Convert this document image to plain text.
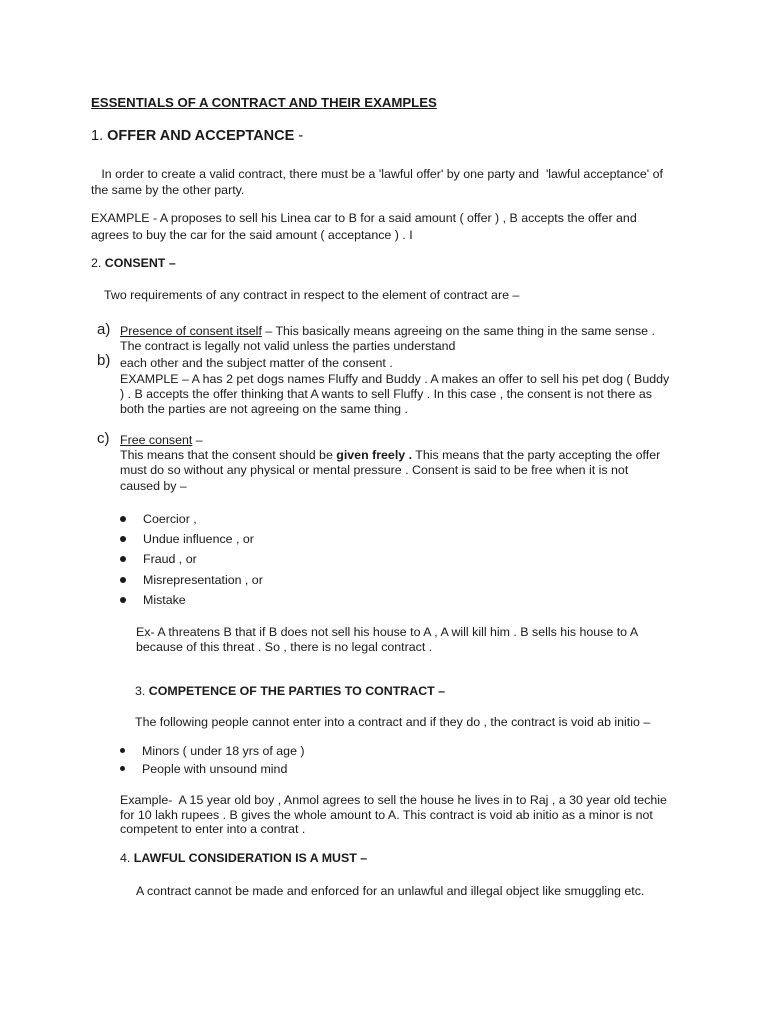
ESSENTIALS OF A CONTRACT AND THEIR EXAMPLES
1. OFFER AND ACCEPTANCE -
In order to create a valid contract, there must be a 'lawful offer' by one party and  'lawful acceptance' of
the same by the other party.
EXAMPLE - A proposes to sell his Linea car to B for a said amount ( offer ) , B accepts the offer and
agrees to buy the car for the said amount ( acceptance ) . I
2. CONSENT –
Two requirements of any contract in respect to the element of contract are –
a) Presence of consent itself – This basically means agreeing on the same thing in the same sense .
The contract is legally not valid unless the parties understand
b) each other and the subject matter of the consent .
EXAMPLE – A has 2 pet dogs names Fluffy and Buddy . A makes an offer to sell his pet dog ( Buddy
) . B accepts the offer thinking that A wants to sell Fluffy . In this case , the consent is not there as
both the parties are not agreeing on the same thing .
c) Free consent –
This means that the consent should be given freely . This means that the party accepting the offer
must do so without any physical or mental pressure . Consent is said to be free when it is not
caused by –
Coercior ,
Undue influence , or
Fraud , or
Misrepresentation , or
Mistake
Ex- A threatens B that if B does not sell his house to A , A will kill him . B sells his house to A
because of this threat . So , there is no legal contract .
3. COMPETENCE OF THE PARTIES TO CONTRACT –
The following people cannot enter into a contract and if they do , the contract is void ab initio –
Minors ( under 18 yrs of age )
People with unsound mind
Example-  A 15 year old boy , Anmol agrees to sell the house he lives in to Raj , a 30 year old techie
for 10 lakh rupees . B gives the whole amount to A. This contract is void ab initio as a minor is not
competent to enter into a contrat .
4. LAWFUL CONSIDERATION IS A MUST –
A contract cannot be made and enforced for an unlawful and illegal object like smuggling etc.
